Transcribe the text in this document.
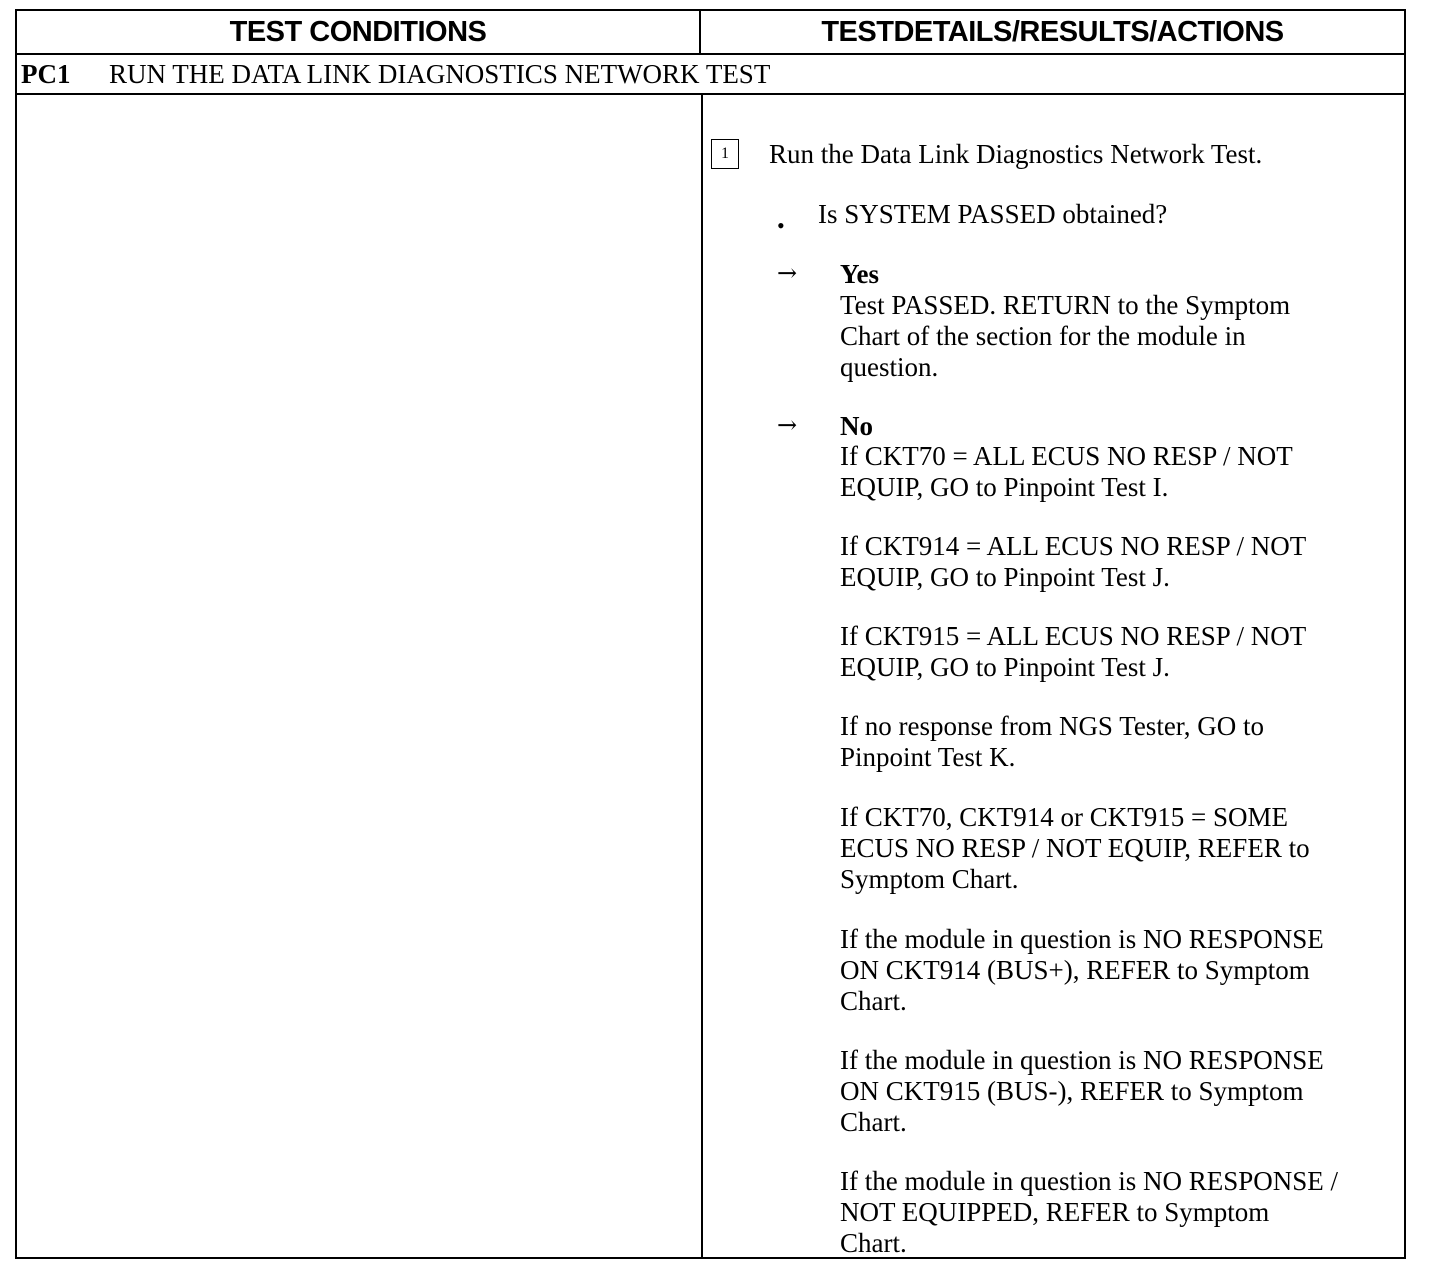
TEST CONDITIONS	TESTDETAILS/RESULTS/ACTIONS
PC1	RUN THE DATA LINK DIAGNOSTICS NETWORK TEST
1	Run the Data Link Diagnostics Network Test.
• Is SYSTEM PASSED obtained?
→ Yes
Test PASSED. RETURN to the Symptom
Chart of the section for the module in
question.
→ No
If CKT70 = ALL ECUS NO RESP / NOT
EQUIP, GO to Pinpoint Test I.
If CKT914 = ALL ECUS NO RESP / NOT
EQUIP, GO to Pinpoint Test J.
If CKT915 = ALL ECUS NO RESP / NOT
EQUIP, GO to Pinpoint Test J.
If no response from NGS Tester, GO to
Pinpoint Test K.
If CKT70, CKT914 or CKT915 = SOME
ECUS NO RESP / NOT EQUIP, REFER to
Symptom Chart.
If the module in question is NO RESPONSE
ON CKT914 (BUS+), REFER to Symptom
Chart.
If the module in question is NO RESPONSE
ON CKT915 (BUS-), REFER to Symptom
Chart.
If the module in question is NO RESPONSE /
NOT EQUIPPED, REFER to Symptom
Chart.
